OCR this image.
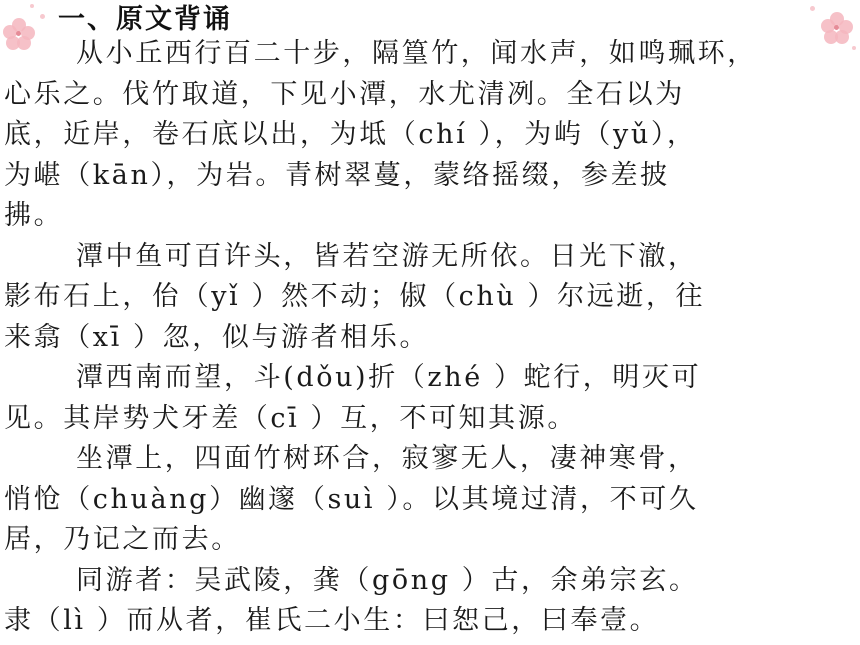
一、原文背诵
从小丘西行百二十步，隔篁竹，闻水声，如鸣珮环，
心乐之。伐竹取道，下见小潭，水尤清冽。全石以为
底，近岸，卷石底以出，为坻（chí ），为屿（yǔ），
为嵁（kān），为岩。青树翠蔓，蒙络摇缀，参差披
拂。
潭中鱼可百许头，皆若空游无所依。日光下澈，
影布石上，佁（yǐ ）然不动；俶（chù ）尔远逝，往
来翕（xī ）忽，似与游者相乐。
潭西南而望，斗(dǒu)折（zhé ）蛇行，明灭可
见。其岸势犬牙差（cī ）互，不可知其源。
坐潭上，四面竹树环合，寂寥无人，凄神寒骨，
悄怆（chuàng）幽邃（suì ）。以其境过清，不可久
居，乃记之而去。
同游者：吴武陵，龚（gōng ）古，余弟宗玄。
隶（lì ）而从者，崔氏二小生：曰恕己，曰奉壹。
